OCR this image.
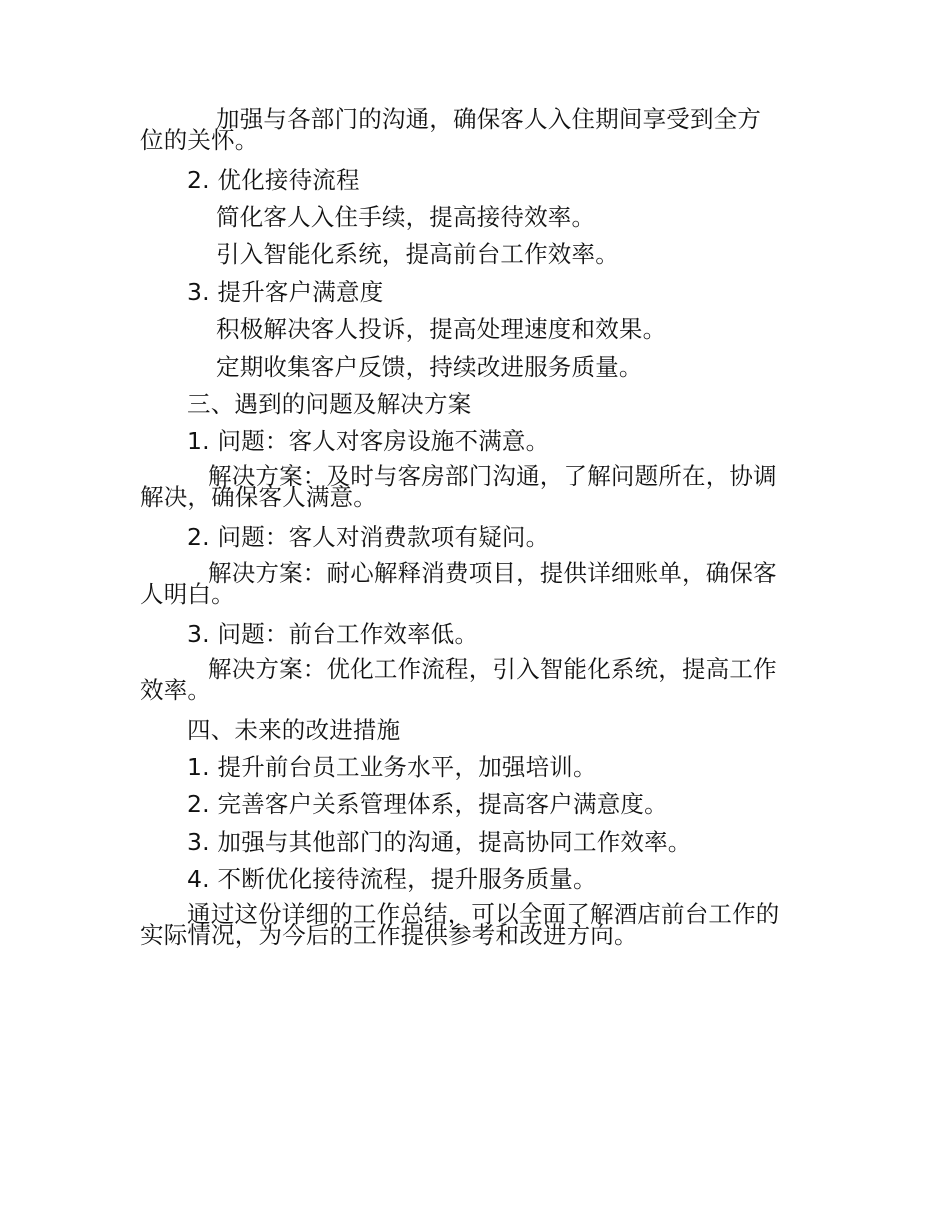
加强与各部门的沟通，确保客人入住期间享受到全方
位的关怀。
2. 优化接待流程
简化客人入住手续，提高接待效率。
引入智能化系统，提高前台工作效率。
3. 提升客户满意度
积极解决客人投诉，提高处理速度和效果。
定期收集客户反馈，持续改进服务质量。
三、遇到的问题及解决方案
1. 问题：客人对客房设施不满意。
解决方案：及时与客房部门沟通，了解问题所在，协调
解决，确保客人满意。
2. 问题：客人对消费款项有疑问。
解决方案：耐心解释消费项目，提供详细账单，确保客
人明白。
3. 问题：前台工作效率低。
解决方案：优化工作流程，引入智能化系统，提高工作
效率。
四、未来的改进措施
1. 提升前台员工业务水平，加强培训。
2. 完善客户关系管理体系，提高客户满意度。
3. 加强与其他部门的沟通，提高协同工作效率。
4. 不断优化接待流程，提升服务质量。
通过这份详细的工作总结，可以全面了解酒店前台工作的
实际情况，为今后的工作提供参考和改进方向。
